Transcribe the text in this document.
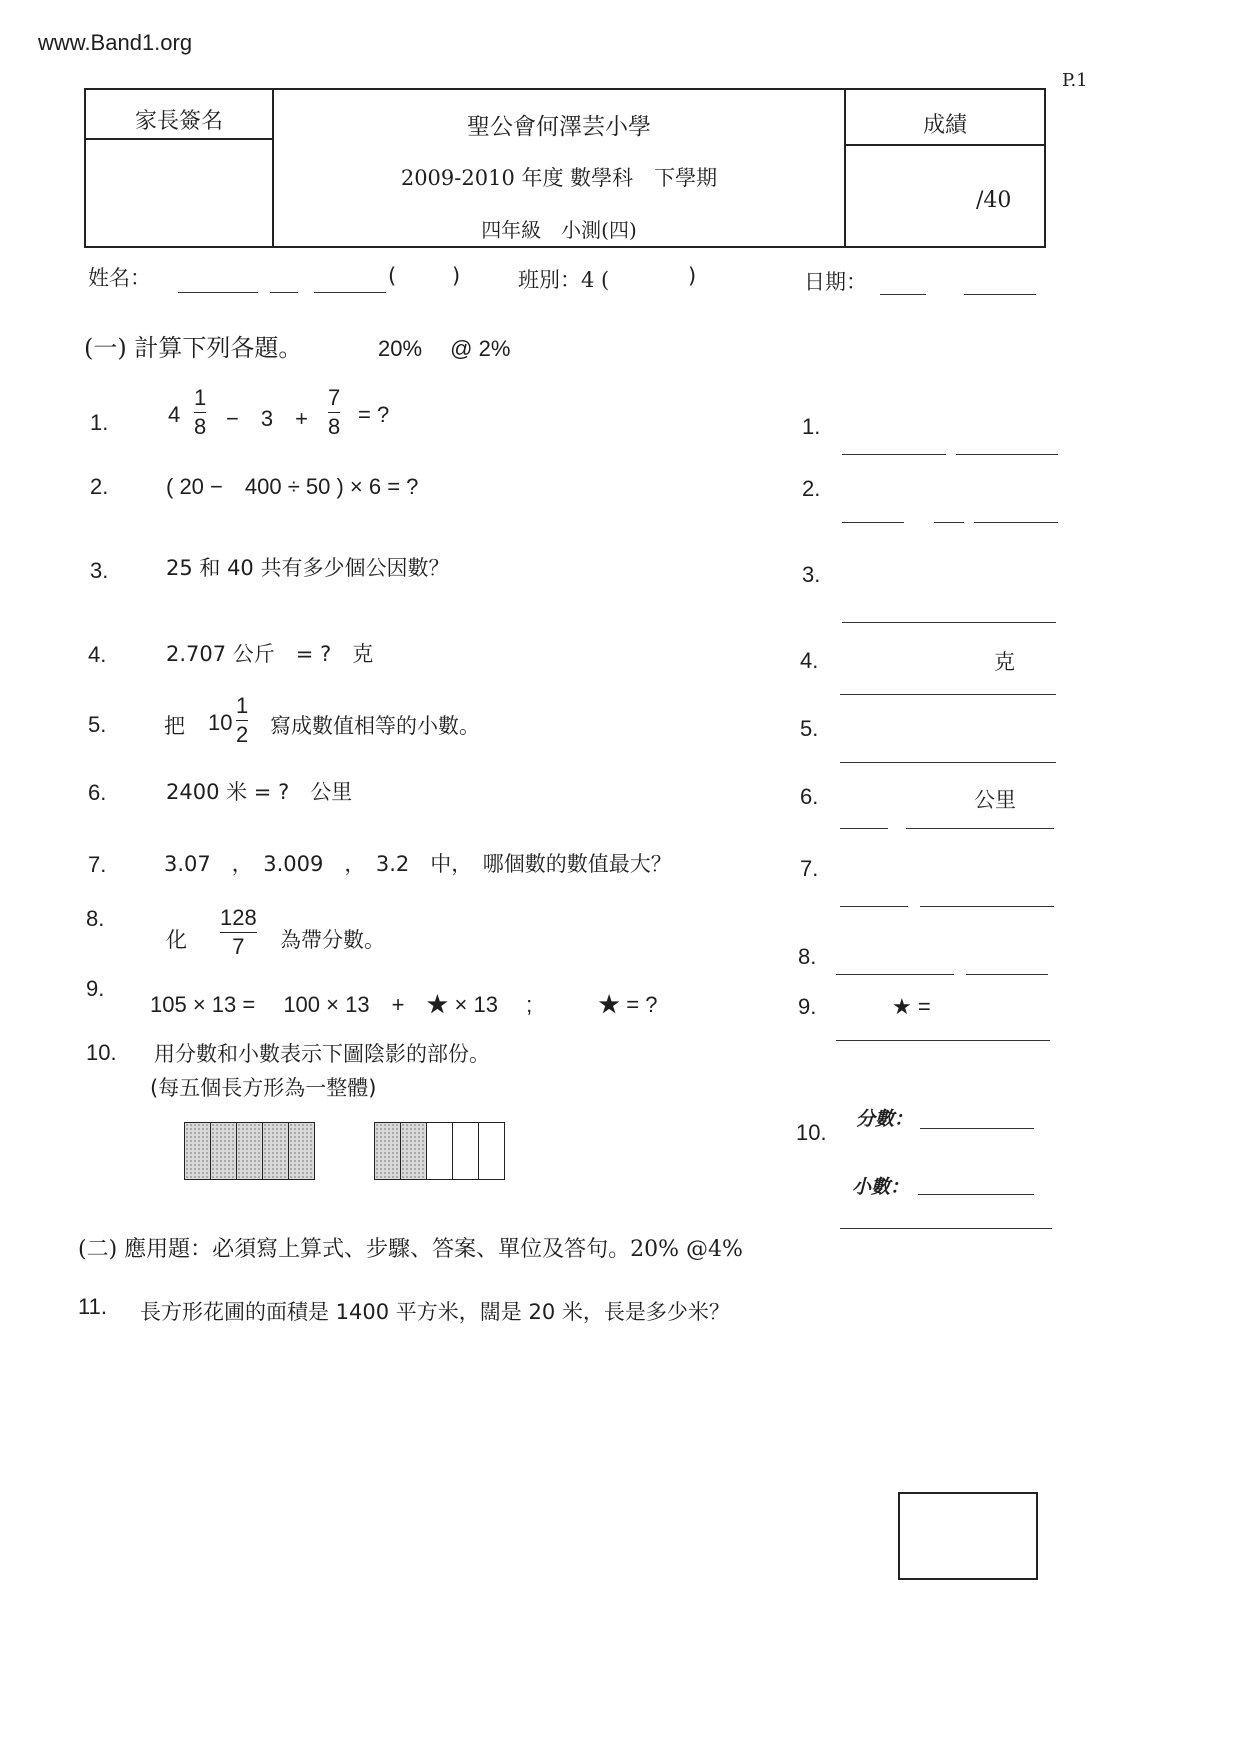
www.Band1.org
P.1
家長簽名	聖公會何澤芸小學
2009-2010 年度 數學科　下學期
四年級　小測(四)
成績
/40
姓名：	(	)	班別：4 (	)	日期：
(一) 計算下列各題。	20%　 @ 2%
1.	4
1
8 −　3　+
7
8 = ?
2.	( 20 −　400 ÷ 50 ) × 6 = ?
3.	25 和 40 共有多少個公因數？
4.	2.707 公斤　= ?　克
5.	把 10
1
2 寫成數值相等的小數。
6.	2400 米 = ?　公里
7.	3.07　，　3.009　，　3.2　中，　哪個數的數值最大？
8.
化
128
7 為帶分數。
9.
105 × 13 =　 100 × 13　+　★ × 13　 ;　　　★ = ?
10. 用分數和小數表示下圖陰影的部份。
(每五個長方形為一整體)
1.
2.
3.
4.	克
5.
6.	公里
7.
8.
9.	★ =
10.
分數：
小數：
(二) 應用題：必須寫上算式、步驟、答案、單位及答句。20% @4%
11. 長方形花圃的面積是 1400 平方米，闊是 20 米，長是多少米？
